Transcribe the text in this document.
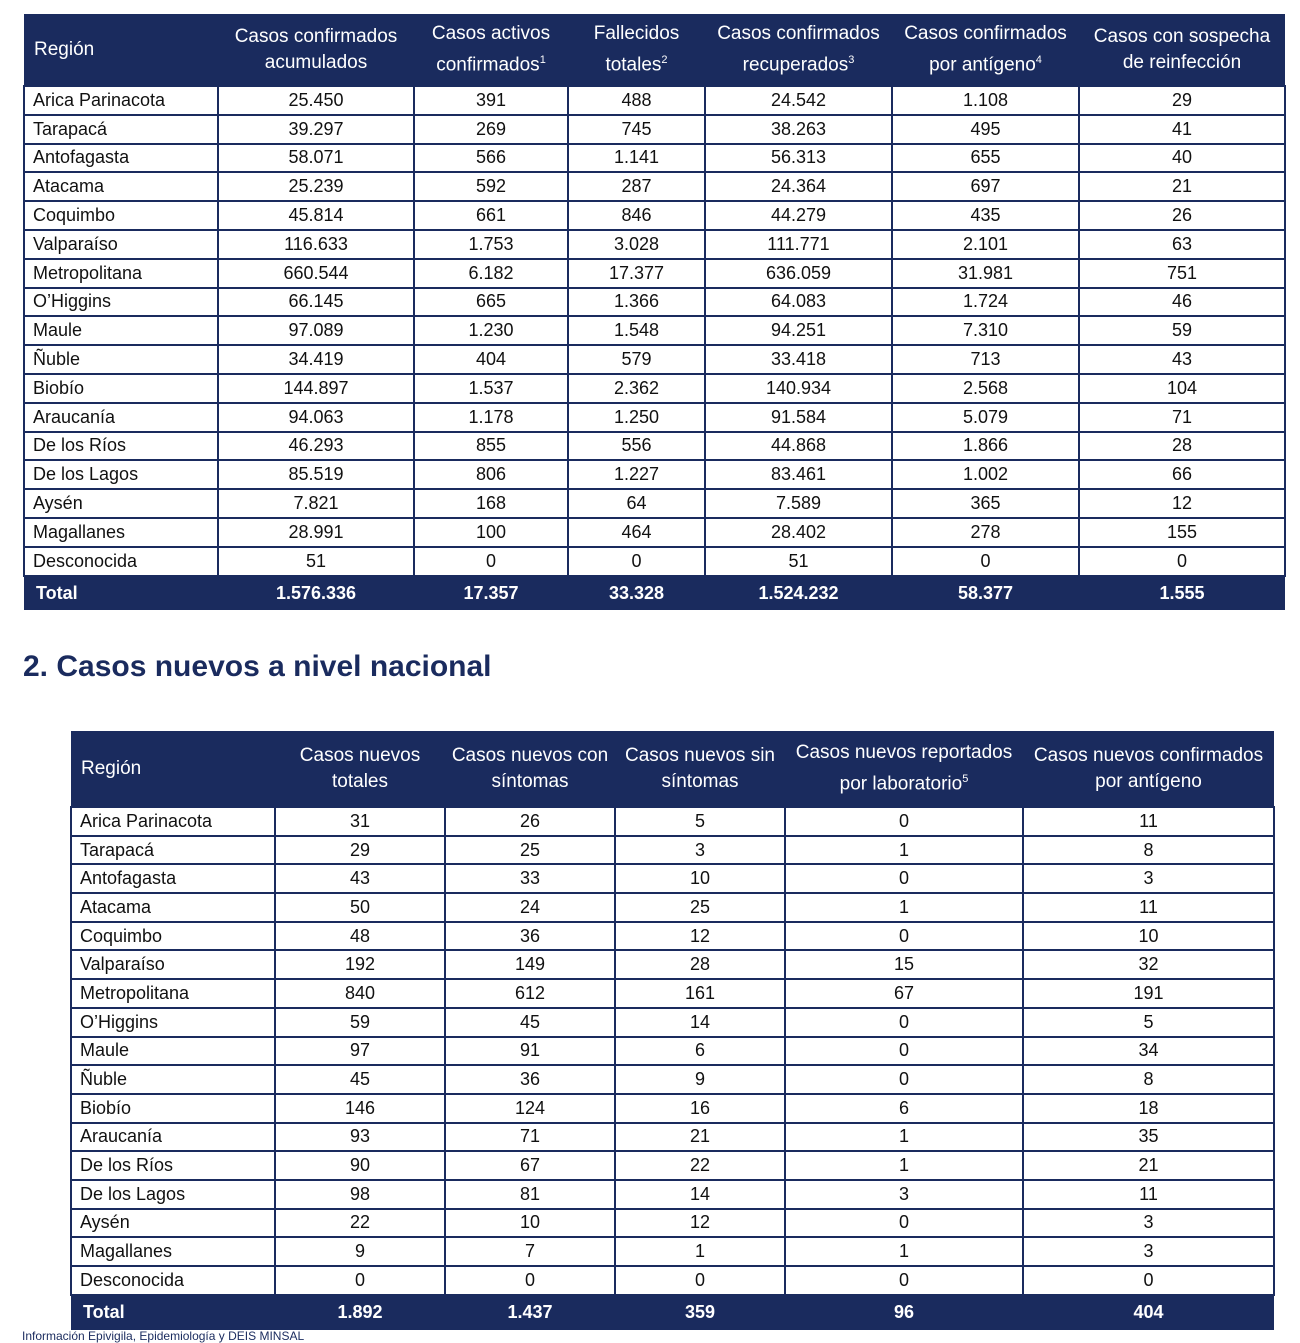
Región	Casos confirmados acumulados	Casos activos confirmados$^1$	Fallecidos totales$^2$	Casos confirmados recuperados$^3$	Casos confirmados por antígeno$^4$	Casos con sospecha de reinfección
Arica Parinacota	25.450	391	488	24.542	1.108	29
Tarapacá	39.297	269	745	38.263	495	41
Antofagasta	58.071	566	1.141	56.313	655	40
Atacama	25.239	592	287	24.364	697	21
Coquimbo	45.814	661	846	44.279	435	26
Valparaíso	116.633	1.753	3.028	111.771	2.101	63
Metropolitana	660.544	6.182	17.377	636.059	31.981	751
O’Higgins	66.145	665	1.366	64.083	1.724	46
Maule	97.089	1.230	1.548	94.251	7.310	59
Ñuble	34.419	404	579	33.418	713	43
Biobío	144.897	1.537	2.362	140.934	2.568	104
Araucanía	94.063	1.178	1.250	91.584	5.079	71
De los Ríos	46.293	855	556	44.868	1.866	28
De los Lagos	85.519	806	1.227	83.461	1.002	66
Aysén	7.821	168	64	7.589	365	12
Magallanes	28.991	100	464	28.402	278	155
Desconocida	51	0	0	51	0	0
Total	1.576.336	17.357	33.328	1.524.232	58.377	1.555
2. Casos nuevos a nivel nacional
Región	Casos nuevos totales	Casos nuevos con síntomas	Casos nuevos sin síntomas	Casos nuevos reportados por laboratorio$^5$	Casos nuevos confirmados por antígeno
Arica Parinacota	31	26	5	0	11
Tarapacá	29	25	3	1	8
Antofagasta	43	33	10	0	3
Atacama	50	24	25	1	11
Coquimbo	48	36	12	0	10
Valparaíso	192	149	28	15	32
Metropolitana	840	612	161	67	191
O’Higgins	59	45	14	0	5
Maule	97	91	6	0	34
Ñuble	45	36	9	0	8
Biobío	146	124	16	6	18
Araucanía	93	71	21	1	35
De los Ríos	90	67	22	1	21
De los Lagos	98	81	14	3	11
Aysén	22	10	12	0	3
Magallanes	9	7	1	1	3
Desconocida	0	0	0	0	0
Total	1.892	1.437	359	96	404

Información Epivigila, Epidemiología y DEIS MINSAL
